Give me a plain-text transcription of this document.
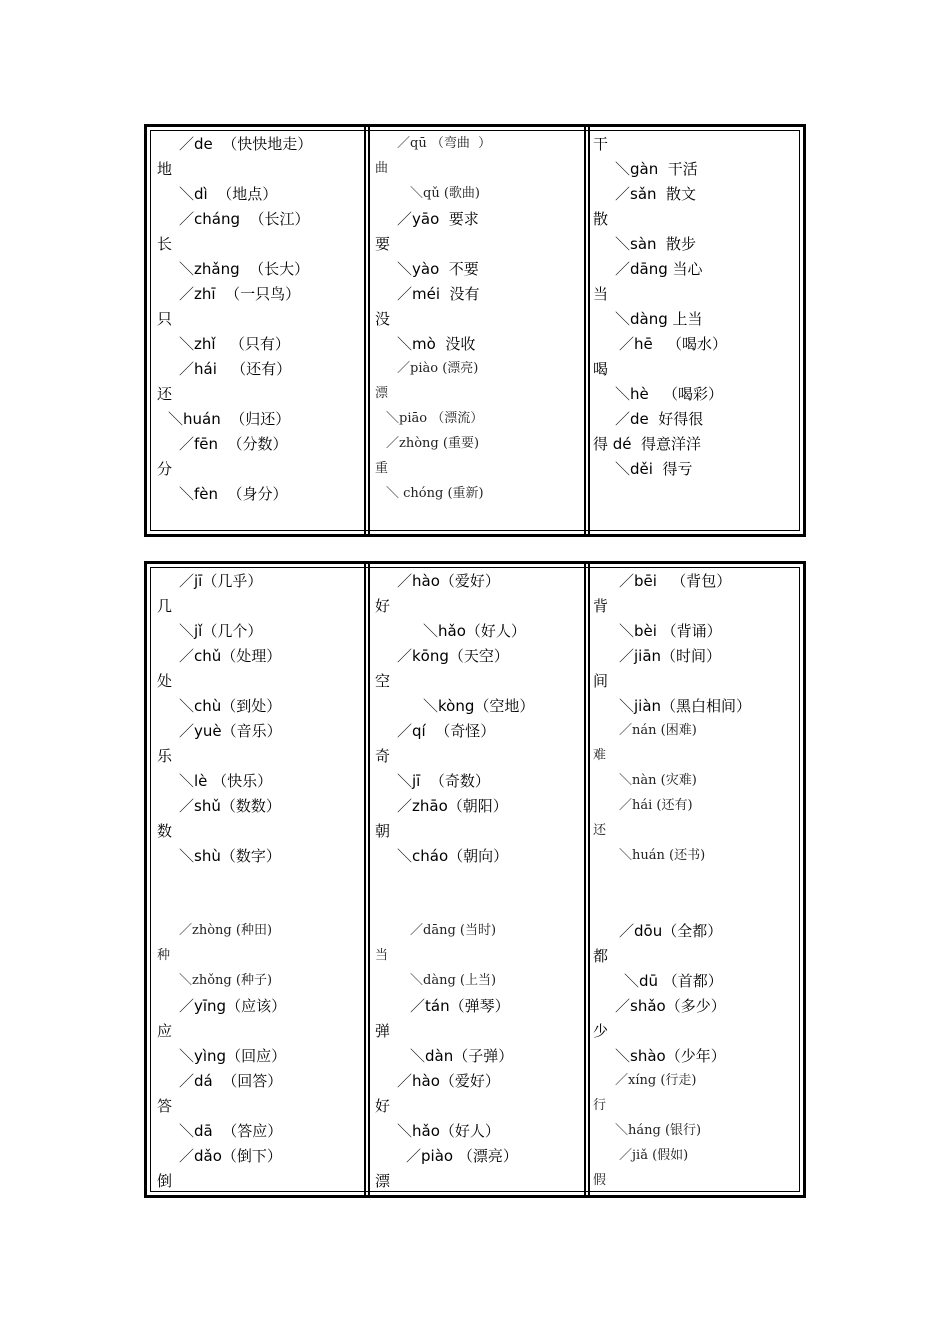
／de  （快快地走）
地
＼dì  （地点）
／cháng  （长江）
长
＼zhǎng  （长大）
／zhī  （一只鸟）
只
＼zhǐ   （只有）
／hái   （还有）
还
＼huán  （归还）
／fēn  （分数）
分
＼fèn  （身分）
／qū （弯曲  ）
曲
＼qǔ (歌曲)
／yāo  要求
要
＼yào  不要
／méi  没有
没
＼mò  没收
／piào (漂亮)
漂
＼piāo （漂流）
／zhòng (重要)
重
＼ chóng (重新)
干
＼gàn  干活
／sǎn  散文
散
＼sàn  散步
／dāng 当心
当
＼dàng 上当
／hē   （喝水）
喝
＼hè   （喝彩）
／de  好得很
得 dé  得意洋洋
＼děi  得亏
／jī（几乎）
几
＼jǐ（几个）
／chǔ（处理）
处
＼chù（到处）
／yuè（音乐）
乐
＼lè （快乐）
／shǔ（数数）
数
＼shù（数字）
／zhòng (种田)
种
＼zhǒng (种子)
／yīng（应该）
应
＼yìng（回应）
／dá  （回答）
答
＼dā  （答应）
／dǎo（倒下）
倒
／hào（爱好）
好
＼hǎo（好人）
／kōng（天空）
空
＼kòng（空地）
／qí  （奇怪）
奇
＼jī  （奇数）
／zhāo（朝阳）
朝
＼cháo（朝向）
／dāng (当时)
当
＼dàng (上当)
／tán（弹琴）
弹
＼dàn（子弹）
／hào（爱好）
好
＼hǎo（好人）
／piào （漂亮）
漂
／bēi   （背包）
背
＼bèi （背诵）
／jiān（时间）
间
＼jiàn（黑白相间）
／nán (困难)
难
＼nàn (灾难)
／hái (还有)
还
＼huán (还书)
／dōu（全都）
都
＼dū （首都）
／shǎo（多少）
少
＼shào（少年）
／xíng (行走)
行
＼háng (银行)
／jiǎ (假如)
假
